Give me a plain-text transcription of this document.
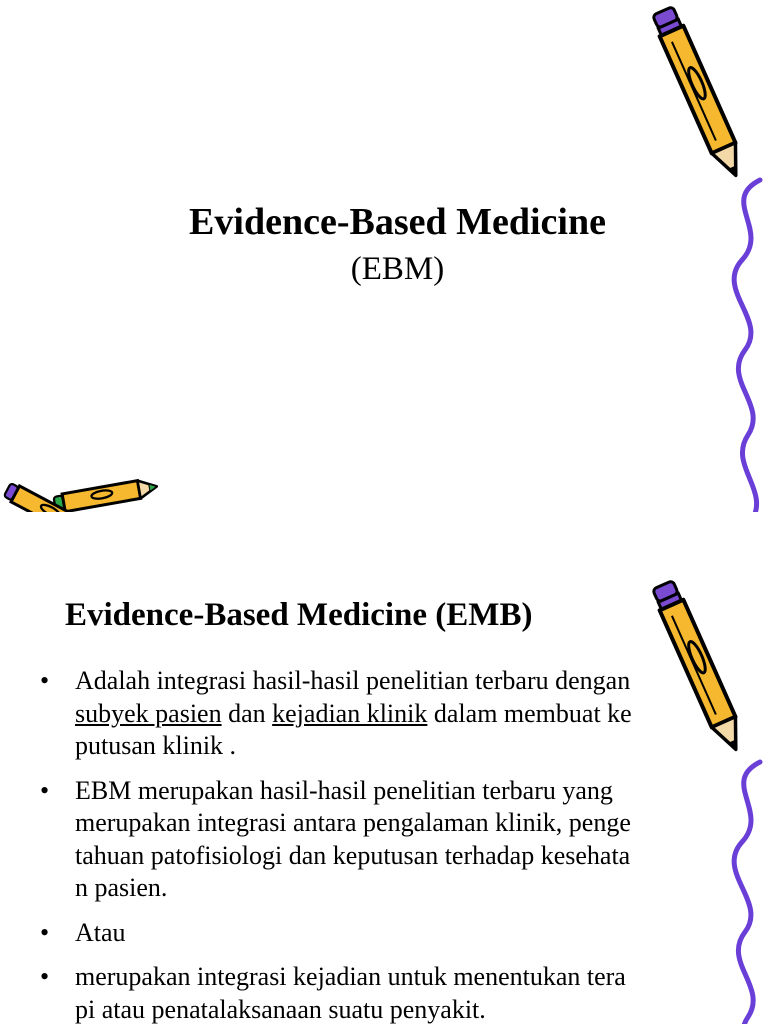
Evidence-Based Medicine

(EBM)

Evidence-Based Medicine (EMB)
• Adalah integrasi hasil-hasil penelitian terbaru dengan
subyek pasien dan kejadian klinik dalam membuat ke
putusan klinik .
• EBM merupakan hasil-hasil penelitian terbaru yang
merupakan integrasi antara pengalaman klinik, penge
tahuan patofisiologi dan keputusan terhadap kesehata
n pasien.
• Atau
• merupakan integrasi kejadian untuk menentukan tera
pi atau penatalaksanaan suatu penyakit.
